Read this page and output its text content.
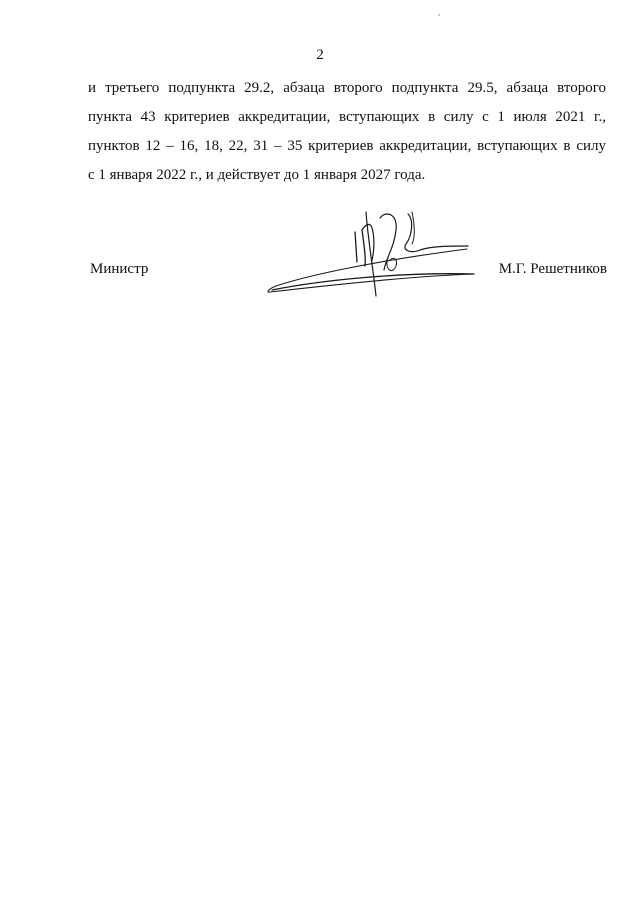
2
и третьего подпункта 29.2, абзаца второго подпункта 29.5, абзаца второго
пункта 43 критериев аккредитации, вступающих в силу с 1 июля 2021 г.,
пунктов 12 – 16, 18, 22, 31 – 35 критериев аккредитации, вступающих в силу
с 1 января 2022 г., и действует до 1 января 2027 года.
Министр	М.Г. Решетников
